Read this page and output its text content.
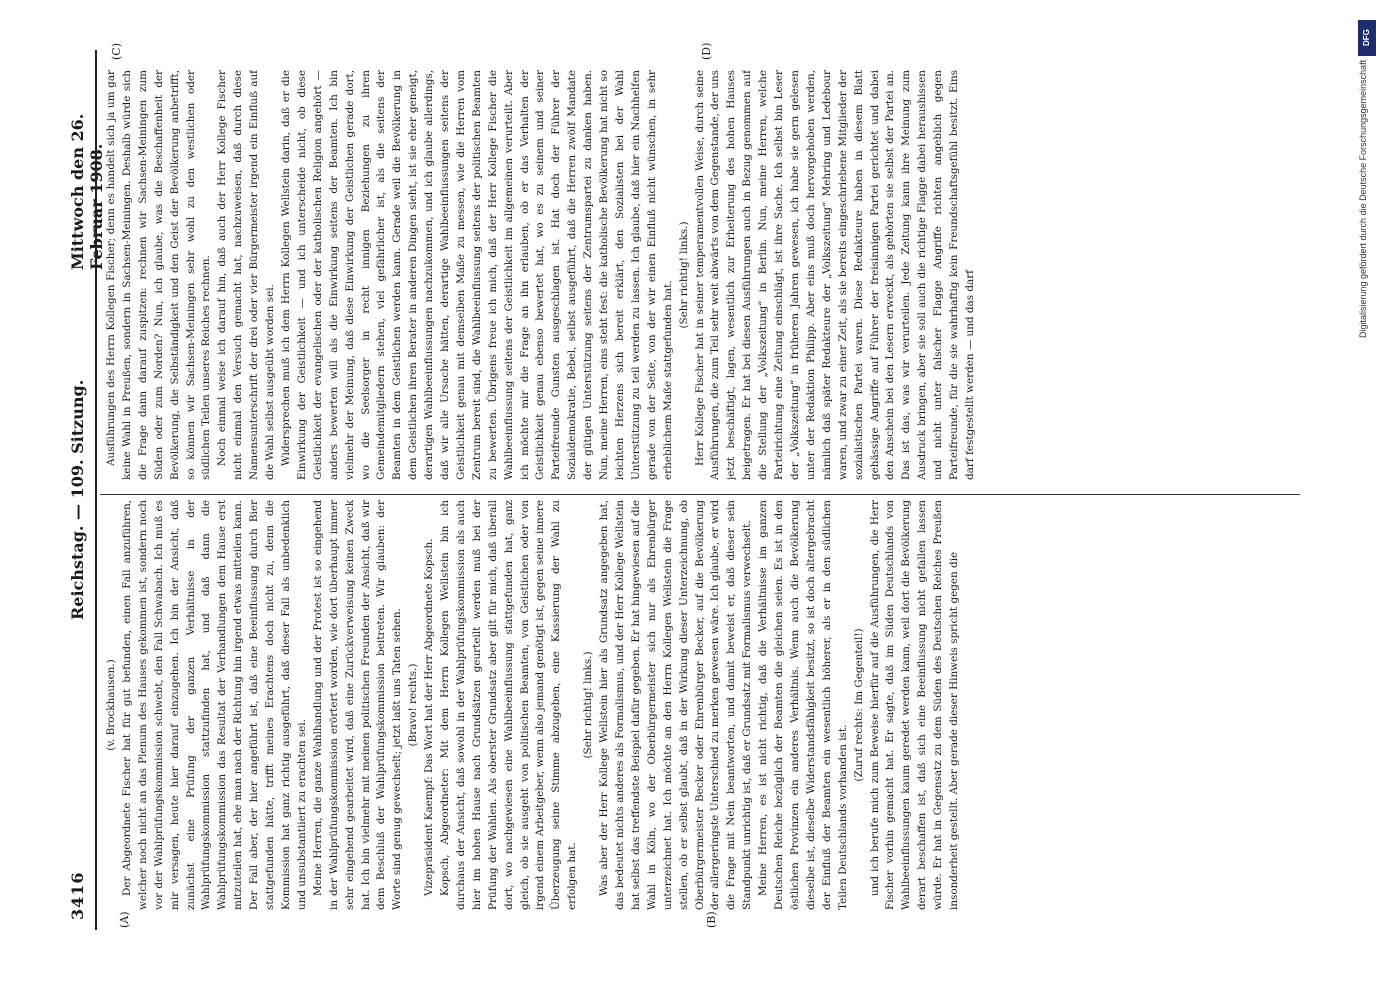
3416
Reichstag. — 109. Sitzung.
Mittwoch den 26. Februar 1908.
(A)	(B)
(C)	(D)

(v. Brockhausen.) Der Abgeordnete Fischer hat für gut befunden, einen Fall anzuführen, welcher noch nicht an das Plenum des Hauses gekommen ist, sondern noch vor der Wahlprüfungskommission schwebt, den Fall Schwabach. Ich muß es mir versagen, heute hier darauf einzugehen. Ich bin der Ansicht, daß zunächst eine Prüfung der ganzen Verhältnisse in der Wahlprüfungskommission stattzufinden hat, und daß dann die Wahlprüfungskommission das Resultat der Verhandlungen dem Hause erst mitzuteilen hat, ehe man nach der Richtung hin irgend etwas mitteilen kann. Der Fall aber, der hier angeführt ist, daß eine Beeinflussung durch Bier stattgefunden hätte, trifft meines Erachtens doch nicht zu, denn die Kommission hat ganz richtig ausgeführt, daß dieser Fall als unbedenklich und unsubstantiiert zu erachten sei. Meine Herren, die ganze Wahlhandlung und der Protest ist so eingehend in der Wahlprüfungskommission erörtert worden, wie dort überhaupt immer sehr eingehend gearbeitet wird, daß eine Zurückverweisung keinen Zweck hat. Ich bin vielmehr mit meinen politischen Freunden der Ansicht, daß wir dem Beschluß der Wahlprüfungskommission beitreten. Wir glauben: der Worte sind genug gewechselt; jetzt laßt uns Taten sehen. (Bravo! rechts.) Vizepräsident Kaempf: Das Wort hat der Herr Abgeordnete Kopsch. Kopsch, Abgeordneter: Mit dem Herrn Kollegen Wellstein bin ich durchaus der Ansicht, daß sowohl in der Wahlprüfungskommission als auch hier im hohen Hause nach Grundsätzen geurteilt werden muß bei der Prüfung der Wahlen. Als oberster Grundsatz aber gilt für mich, daß überall dort, wo nachgewiesen eine Wahlbeeinflussung stattgefunden hat, ganz gleich, ob sie ausgeht von politischen Beamten, von Geistlichen oder von irgend einem Arbeitgeber, wenn also jemand genötigt ist, gegen seine innere Überzeugung seine Stimme abzugeben, eine Kassierung der Wahl zu erfolgen hat.

(Sehr richtig! links.) Was aber der Herr Kollege Wellstein hier als Grundsatz angegeben hat, das bedeutet nichts anderes als Formalismus, und der Herr Kollege Wellstein hat selbst das treffendste Beispiel dafür gegeben. Er hat hingewiesen auf die Wahl in Köln, wo der Oberbürgermeister sich nur als Ehrenbürger unterzeichnet hat. Ich möchte an den Herrn Kollegen Wellstein die Frage stellen, ob er selbst glaubt, daß in der Wirkung dieser Unterzeichnung, ob Oberbürgermeister Becker oder Ehrenbürger Becker, auf die Bevölkerung der allergeringste Unterschied zu merken gewesen wäre. Ich glaube, er wird die Frage mit Nein beantworten, und damit beweist er, daß dieser sein Standpunkt unrichtig ist, daß er Grundsatz mit Formalismus verwechselt. Meine Herren, es ist nicht richtig, daß die Verhältnisse im ganzen Deutschen Reiche bezüglich der Beamten die gleichen seien. Es ist in den östlichen Provinzen ein anderes Verhältnis. Wenn auch die Bevölkerung dieselbe ist, dieselbe Widerstandsfähigkeit besitzt, so ist doch altergebracht der Einfluß der Beamten ein wesentlich höherer, als er in den südlichen Teilen Deutschlands vorhanden ist.

(Zuruf rechts: Im Gegenteil!) und ich berufe mich zum Beweise hierfür auf die Ausführungen, die Herr Fischer vorhin gemacht hat. Er sagte, daß im Süden Deutschlands von Wahlbeeinflussungen kaum geredet werden kann, weil dort die Bevölkerung derart beschaffen ist, daß sich eine Beeinflussung nicht gefallen lassen würde. Er hat in Gegensatz zu dem Süden des Deutschen Reiches Preußen insonderheit gestellt. Aber gerade dieser Hinweis spricht gegen die

Ausführungen des Herrn Kollegen Fischer; denn es handelt sich ja um gar keine Wahl in Preußen, sondern in Sachsen-Meiningen. Deshalb würde sich die Frage dann darauf zuspitzen: rechnen wir Sachsen-Meiningen zum Süden oder zum Norden? Nun, ich glaube, was die Beschaffenheit der Bevölkerung, die Selbständigkeit und den Geist der Bevölkerung anbetrifft, so können wir Sachsen-Meiningen sehr wohl zu den westlichen oder südlichen Teilen unseres Reiches rechnen. Noch einmal weise ich darauf hin, daß auch der Herr Kollege Fischer nicht einmal den Versuch gemacht hat, nachzuweisen, daß durch diese Namensunterschrift der drei oder vier Bürgermeister irgend ein Einfluß auf die Wahl selbst ausgeübt worden sei. Widersprechen muß ich dem Herrn Kollegen Wellstein darin, daß er die Einwirkung der Geistlichkeit — und ich unterscheide nicht, ob diese Geistlichkeit der evangelischen oder der katholischen Religion angehört — anders bewerten will als die Einwirkung seitens der Beamten. Ich bin vielmehr der Meinung, daß diese Einwirkung der Geistlichen gerade dort, wo die Seelsorger in recht innigen Beziehungen zu ihren Gemeindemitgliedern stehen, viel gefährlicher ist, als die seitens der Beamten in dem Geistlichen werden kann. Gerade weil die Bevölkerung in dem Geistlichen ihren Berater in anderen Dingen sieht, ist sie eher geneigt, derartigen Wahlbeeinflussungen nachzukommen, und ich glaube allerdings, daß wir alle Ursache hätten, derartige Wahlbeeinflussungen seitens der Geistlichkeit genau mit demselben Maße zu messen, wie die Herren vom Zentrum bereit sind, die Wahlbeeinflussung seitens der politischen Beamten zu bewerten. Übrigens freue ich mich, daß der Herr Kollege Fischer die Wahlbeeinflussung seitens der Geistlichkeit im allgemeinen verurteilt. Aber ich möchte mir die Frage an ihn erlauben, ob er das Verhalten der Geistlichkeit genau ebenso bewertet hat, wo es zu seinem und seiner Parteifreunde Gunsten ausgeschlagen ist. Hat doch der Führer der Sozialdemokratie, Bebel, selbst ausgeführt, daß die Herren zwölf Mandate der gütigen Unterstützung seitens der Zentrumspartei zu danken haben. Nun, meine Herren, eins steht fest: die katholische Bevölkerung hat nicht so leichten Herzens sich bereit erklärt, den Sozialisten bei der Wahl Unterstützung zu teil werden zu lassen. Ich glaube, daß hier ein Nachhelfen gerade von der Seite, von der wir einen Einfluß nicht wünschen, in sehr erheblichem Maße stattgefunden hat.

(Sehr richtig! links.) Herr Kollege Fischer hat in seiner temperamentvollen Weise, durch seine Ausführungen, die zum Teil sehr weit abwärts von dem Gegenstande, der uns jetzt beschäftigt, lagen, wesentlich zur Erheiterung des hohen Hauses beigetragen. Er hat bei diesen Ausführungen auch in Bezug genommen auf die Stellung der „Volkszeitung“ in Berlin. Nun, meine Herren, welche Parteirichtung eine Zeitung einschlägt, ist ihre Sache. Ich selbst bin Leser der „Volkszeitung“ in früheren Jahren gewesen, ich habe sie gern gelesen unter der Redaktion Philipp. Aber eins muß doch hervorgehoben werden, nämlich daß später Redakteure der „Volkszeitung“ Mehring und Ledebour waren, und zwar zu einer Zeit, als sie bereits eingeschriebene Mitglieder der sozialistischen Partei waren. Diese Redakteure haben in diesem Blatt gehässige Angriffe auf Führer der freisinnigen Partei gerichtet und dabei den Anschein bei den Lesern erweckt, als gehörten sie selbst der Partei an. Das ist das, was wir verurteilen. Jede Zeitung kann ihre Meinung zum Ausdruck bringen, aber sie soll auch die richtige Flagge dabei heraushissen und nicht unter falscher Flagge Angriffe richten angeblich gegen Parteifreunde, für die sie wahrhaftig kein Freundschaftsgefühl besitzt. Eins darf festgestellt werden — und das darf

DFG
Digitalisierung gefördert durch die Deutsche Forschungsgemeinschaft
